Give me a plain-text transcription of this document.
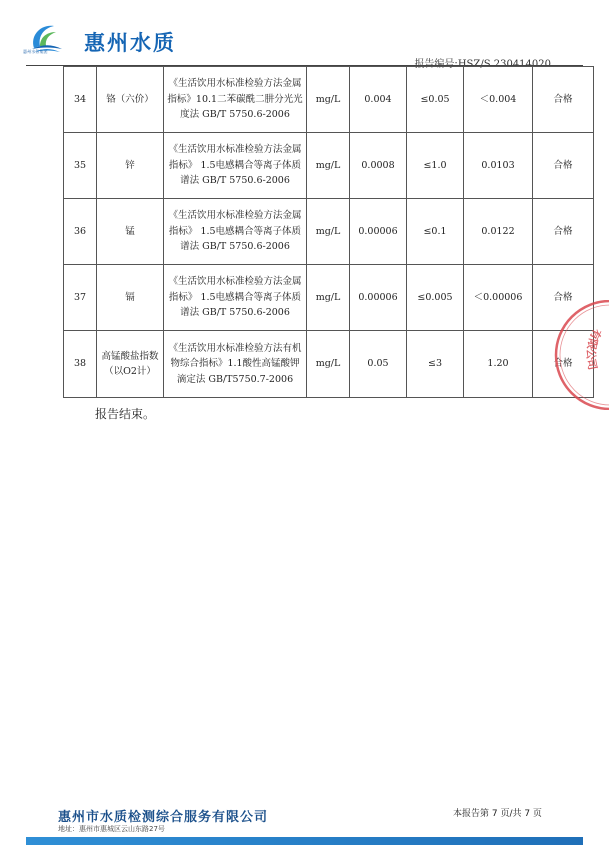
惠州水务集团 惠州水质
报告编号:HSZ/S 230414020
34	铬（六价）	《生活饮用水标准检验方法金属指标》10.1二苯碳酰二肼分光光度法 GB/T 5750.6-2006	mg/L	0.004	≤0.05	＜0.004	合格
35	锌	《生活饮用水标准检验方法金属指标》 1.5电感耦合等离子体质谱法 GB/T 5750.6-2006	mg/L	0.0008	≤1.0	0.0103	合格
36	锰	《生活饮用水标准检验方法金属指标》 1.5电感耦合等离子体质谱法 GB/T 5750.6-2006	mg/L	0.00006	≤0.1	0.0122	合格
37	镉	《生活饮用水标准检验方法金属指标》 1.5电感耦合等离子体质谱法 GB/T 5750.6-2006	mg/L	0.00006	≤0.005	＜0.00006	合格
38	高锰酸盐指数（以O2计）	《生活饮用水标准检验方法有机物综合指标》1.1酸性高锰酸钾滴定法 GB/T5750.7-2006	mg/L	0.05	≤3	1.20	合格
报告结束。
有限公司
惠州市水质检测综合服务有限公司
地址：惠州市惠城区云山东路27号
本报告第 7 页/共 7 页
